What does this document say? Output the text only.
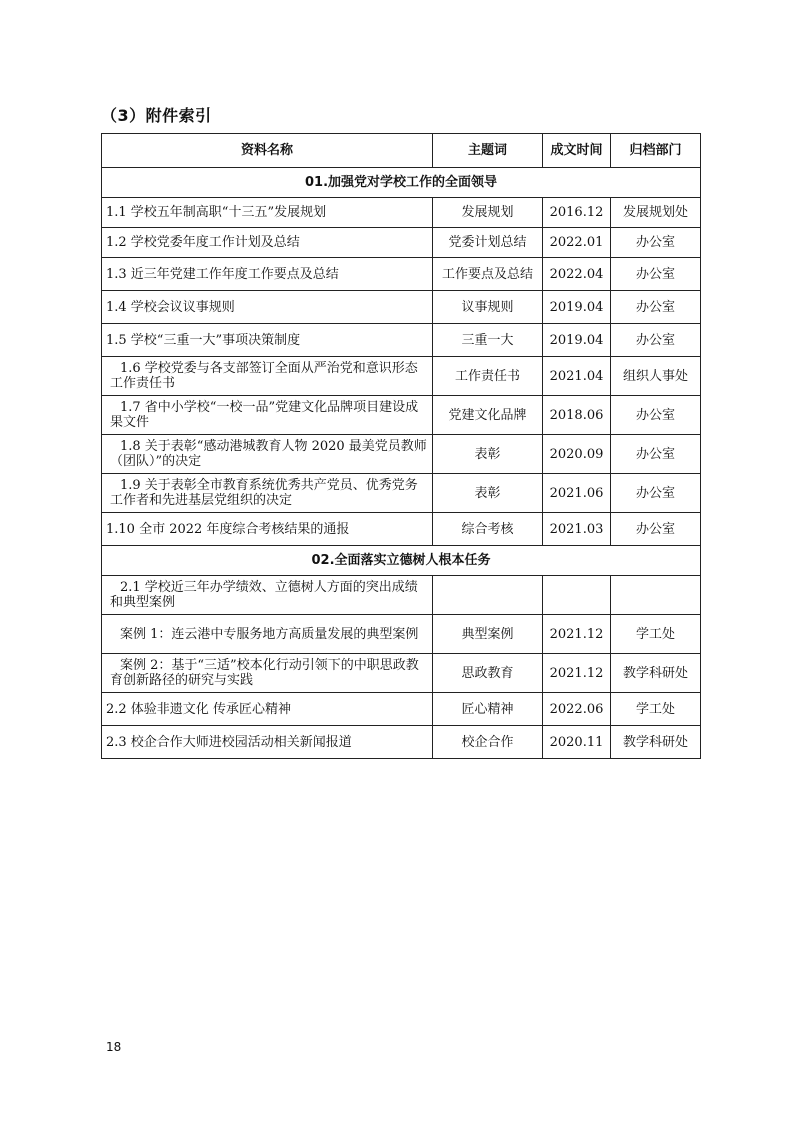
（3）附件索引
资料名称	主题词	成文时间	归档部门
01.加强党对学校工作的全面领导			
1.1 学校五年制高职“十三五”发展规划	发展规划	2016.12	发展规划处
1.2 学校党委年度工作计划及总结	党委计划总结	2022.01	办公室
1.3 近三年党建工作年度工作要点及总结	工作要点及总结	2022.04	办公室
1.4 学校会议议事规则	议事规则	2019.04	办公室
1.5 学校“三重一大”事项决策制度	三重一大	2019.04	办公室
1.6 学校党委与各支部签订全面从严治党和意识形态工作责任书	工作责任书	2021.04	组织人事处
1.7 省中小学校“一校一品”党建文化品牌项目建设成果文件	党建文化品牌	2018.06	办公室
1.8 关于表彰“感动港城教育人物 2020 最美党员教师（团队）”的决定	表彰	2020.09	办公室
1.9 关于表彰全市教育系统优秀共产党员、优秀党务工作者和先进基层党组织的决定	表彰	2021.06	办公室
1.10 全市 2022 年度综合考核结果的通报	综合考核	2021.03	办公室
02.全面落实立德树人根本任务			
2.1 学校近三年办学绩效、立德树人方面的突出成绩和典型案例			
案例 1：连云港中专服务地方高质量发展的典型案例	典型案例	2021.12	学工处
案例 2：基于“三适”校本化行动引领下的中职思政教育创新路径的研究与实践	思政教育	2021.12	教学科研处
2.2 体验非遗文化 传承匠心精神	匠心精神	2022.06	学工处
2.3 校企合作大师进校园活动相关新闻报道	校企合作	2020.11	教学科研处
18
